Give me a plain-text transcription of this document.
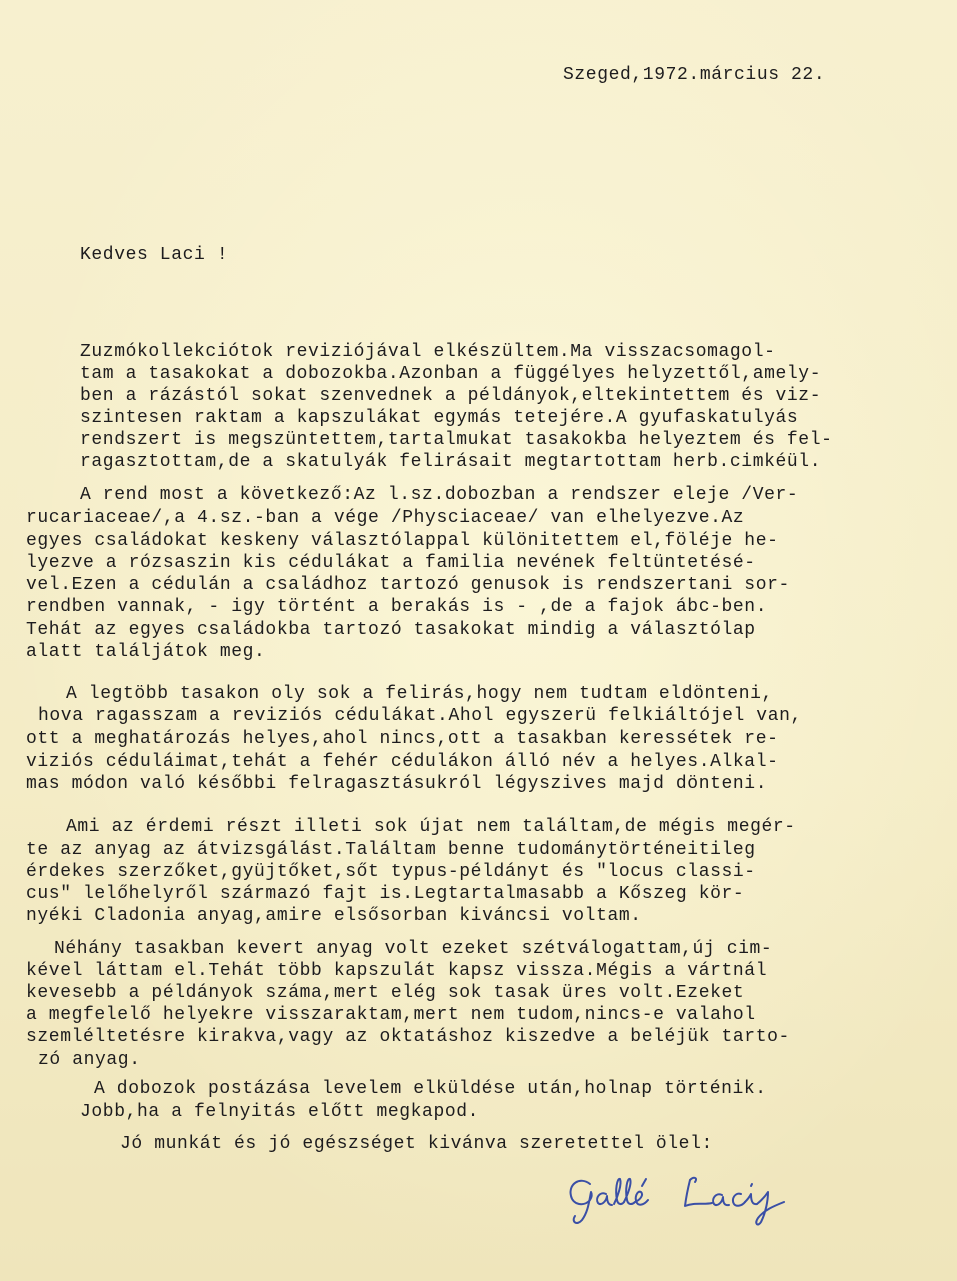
Szeged,1972.március 22.
Kedves Laci !
Zuzmókollekciótok reviziójával elkészültem.Ma visszacsomagol-
tam a tasakokat a dobozokba.Azonban a függélyes helyzettől,amely-
ben a rázástól sokat szenvednek a példányok,eltekintettem és viz-
szintesen raktam a kapszulákat egymás tetejére.A gyufaskatulyás
rendszert is megszüntettem,tartalmukat tasakokba helyeztem és fel-
ragasztottam,de a skatulyák felirásait megtartottam herb.cimkéül.
A rend most a következő:Az l.sz.dobozban a rendszer eleje /Ver-
rucariaceae/,a 4.sz.-ban a vége /Physciaceae/ van elhelyezve.Az
egyes családokat keskeny választólappal különitettem el,föléje he-
lyezve a rózsaszin kis cédulákat a familia nevének feltüntetésé-
vel.Ezen a cédulán a családhoz tartozó genusok is rendszertani sor-
rendben vannak, - igy történt a berakás is - ,de a fajok ábc-ben.
Tehát az egyes családokba tartozó tasakokat mindig a választólap
alatt találjátok meg.
A legtöbb tasakon oly sok a felirás,hogy nem tudtam eldönteni,
hova ragasszam a reviziós cédulákat.Ahol egyszerü felkiáltójel van,
ott a meghatározás helyes,ahol nincs,ott a tasakban keressétek re-
viziós céduláimat,tehát a fehér cédulákon álló név a helyes.Alkal-
mas módon való későbbi felragasztásukról légyszives majd dönteni.
Ami az érdemi részt illeti sok újat nem találtam,de mégis megér-
te az anyag az átvizsgálást.Találtam benne tudománytörténeitileg
érdekes szerzőket,gyüjtőket,sőt typus-példányt és "locus classi-
cus" lelőhelyről származó fajt is.Legtartalmasabb a Kőszeg kör-
nyéki Cladonia anyag,amire elsősorban kiváncsi voltam.
Néhány tasakban kevert anyag volt ezeket szétválogattam,új cim-
kével láttam el.Tehát több kapszulát kapsz vissza.Mégis a vártnál
kevesebb a példányok száma,mert elég sok tasak üres volt.Ezeket
a megfelelő helyekre visszaraktam,mert nem tudom,nincs-e valahol
szemléltetésre kirakva,vagy az oktatáshoz kiszedve a beléjük tarto-
zó anyag.
A dobozok postázása levelem elküldése után,holnap történik.
Jobb,ha a felnyitás előtt megkapod.
Jó munkát és jó egészséget kivánva szeretettel ölel:
